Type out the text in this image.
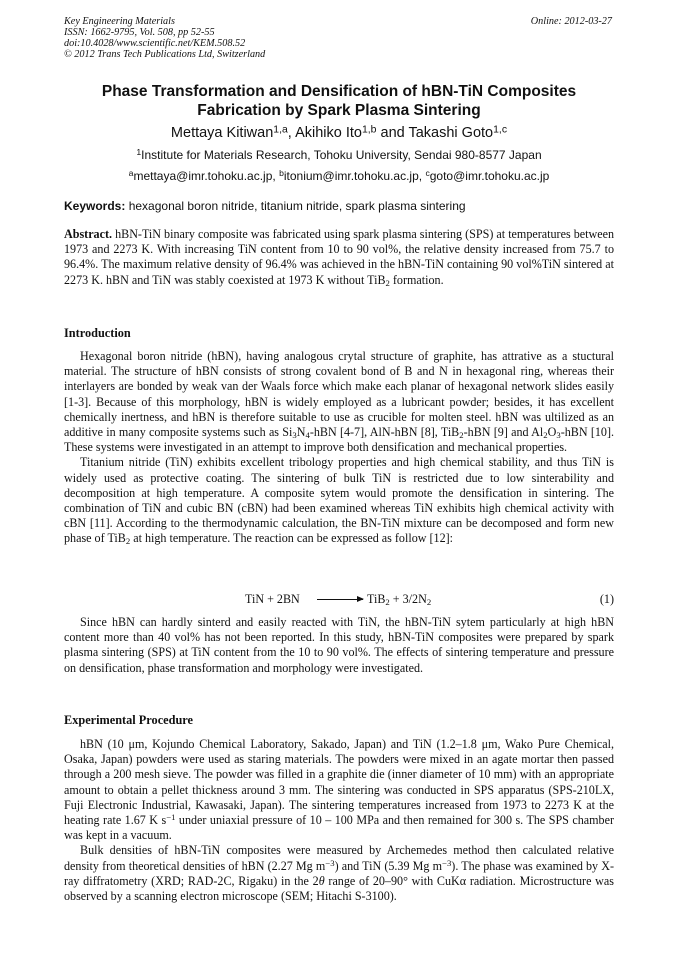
Key Engineering Materials
ISSN: 1662-9795, Vol. 508, pp 52-55
doi:10.4028/www.scientific.net/KEM.508.52
© 2012 Trans Tech Publications Ltd, Switzerland
Online: 2012-03-27
Phase Transformation and Densification of hBN-TiN Composites
Fabrication by Spark Plasma Sintering
Mettaya Kitiwan$^{1,a}$, Akihiko Ito$^{1,b}$ and Takashi Goto$^{1,c}$
$^1$Institute for Materials Research, Tohoku University, Sendai 980-8577 Japan
$^a$mettaya@imr.tohoku.ac.jp, $^b$itonium@imr.tohoku.ac.jp, $^c$goto@imr.tohoku.ac.jp
Keywords: hexagonal boron nitride, titanium nitride, spark plasma sintering

Abstract. hBN-TiN binary composite was fabricated using spark plasma sintering (SPS) at temperatures between 1973 and 2273 K. With increasing TiN content from 10 to 90 vol%, the relative density increased from 75.7 to 96.4%. The maximum relative density of 96.4% was achieved in the hBN-TiN containing 90 vol%TiN sintered at 2273 K. hBN and TiN was stably coexisted at 1973 K without TiB$_2$ formation.

Introduction

Hexagonal boron nitride (hBN), having analogous crytal structure of graphite, has attrative as a stuctural material. The structure of hBN consists of strong covalent bond of B and N in hexagonal ring, whereas their interlayers are bonded by weak van der Waals force which make each planar of hexagonal network slides easily [1-3]. Because of this morphology, hBN is widely employed as a lubricant powder; besides, it has excellent chemically inertness, and hBN is therefore suitable to use as crucible for molten steel. hBN was ultilized as an additive in many composite systems such as $Si_3N_4$-hBN [4-7], AlN-hBN [8], TiB$_2$-hBN [9] and $Al_2O_3$-hBN [10]. These systems were investigated in an attempt to improve both densification and mechanical properties.

Titanium nitride (TiN) exhibits excellent tribology properties and high chemical stability, and thus TiN is widely used as protective coating. The sintering of bulk TiN is restricted due to low sinterability and decomposition at high temperature. A composite sytem would promote the densification in sintering. The combination of TiN and cubic BN (cBN) had been examined whereas TiN exhibits high chemical activity with cBN [11]. According to the thermodynamic calculation, the BN-TiN mixture can be decomposed and form new phase of TiB$_2$ at high temperature. The reaction can be expressed as follow [12]:

TiN + $2BN \to TiB_2 + 3/2N_2$	(1)

Since hBN can hardly sinterd and easily reacted with TiN, the hBN-TiN sytem particularly at high hBN content more than 40 vol% has not been reported. In this study, hBN-TiN composites were prepared by spark plasma sintering (SPS) at TiN content from the 10 to 90 vol%. The effects of sintering temperature and pressure on densification, phase transformation and morphology were investigated.

Experimental Procedure

hBN (10 μm, Kojundo Chemical Laboratory, Sakado, Japan) and TiN (1.2–1.8 μm, Wako Pure Chemical, Osaka, Japan) powders were used as staring materials. The powders were mixed in an agate mortar then passed through a 200 mesh sieve. The powder was filled in a graphite die (inner diameter of 10 mm) with an appropriate amount to obtain a pellet thickness around 3 mm. The sintering was conducted in SPS apparatus (SPS-210LX, Fuji Electronic Industrial, Kawasaki, Japan). The sintering temperatures increased from 1973 to 2273 K at the heating rate 1.67 K $s^{-1}$ under uniaxial pressure of 10 – 100 MPa and then remained for 300 s. The SPS chamber was kept in a vacuum.

Bulk densities of hBN-TiN composites were measured by Archemedes method then calculated relative density from theoretical densities of hBN (2.27 Mg $m^{-3}$) and TiN (5.39 Mg $m^{-3}$). The phase was examined by X-ray diffratometry (XRD; RAD-2C, Rigaku) in the 2θ range of 20–90° with CuKα radiation. Microstructure was observed by a scanning electron microscope (SEM; Hitachi S-3100).
